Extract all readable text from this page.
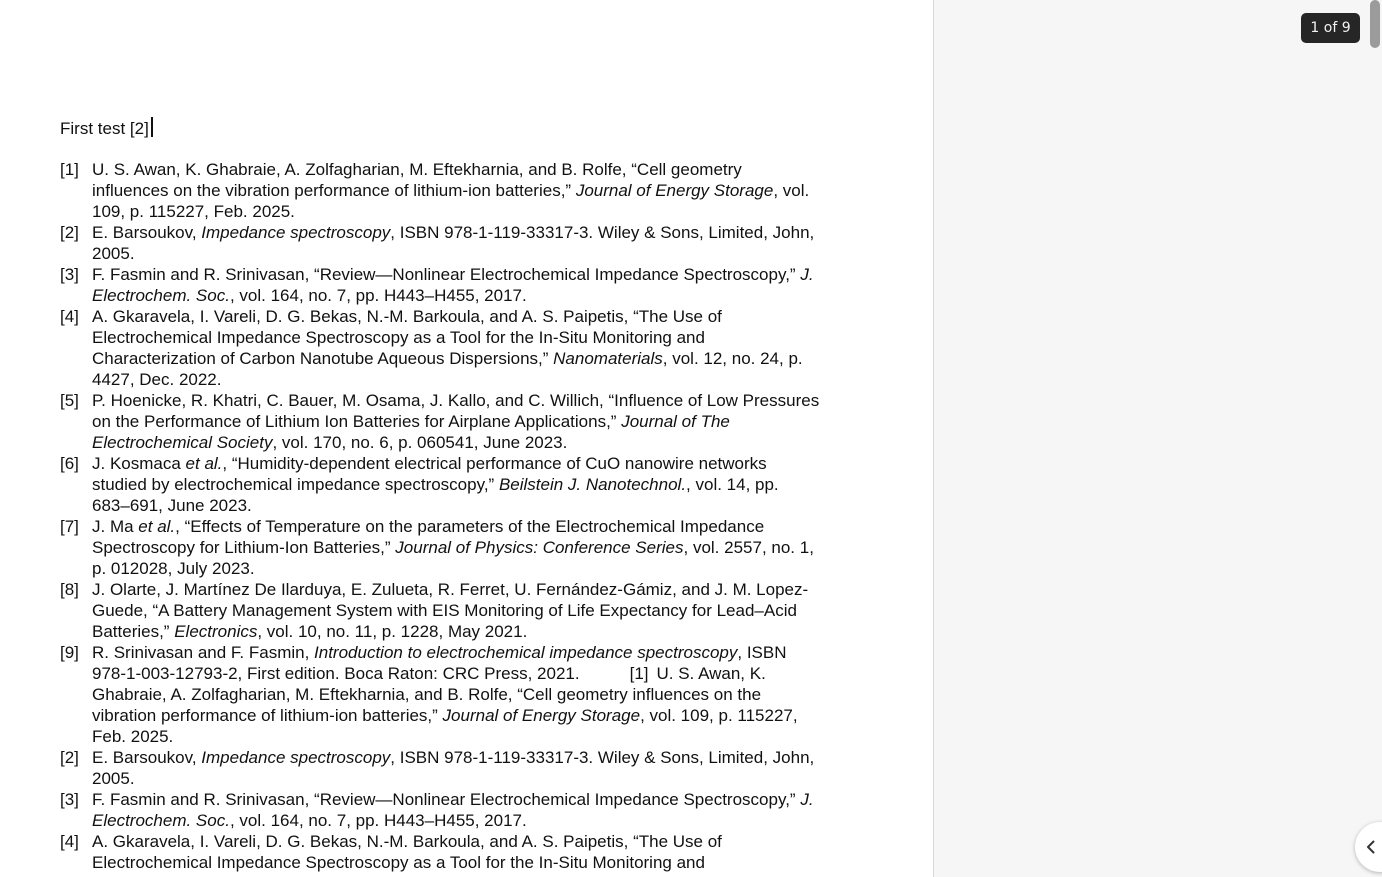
First test [2]
[1] U. S. Awan, K. Ghabraie, A. Zolfagharian, M. Eftekharnia, and B. Rolfe, “Cell geometry influences on the vibration performance of lithium-ion batteries,” Journal of Energy Storage, vol. 109, p. 115227, Feb. 2025.
[2] E. Barsoukov, Impedance spectroscopy, ISBN 978-1-119-33317-3. Wiley & Sons, Limited, John, 2005.
[3] F. Fasmin and R. Srinivasan, “Review—Nonlinear Electrochemical Impedance Spectroscopy,” J. Electrochem. Soc., vol. 164, no. 7, pp. H443–H455, 2017.
[4] A. Gkaravela, I. Vareli, D. G. Bekas, N.-M. Barkoula, and A. S. Paipetis, “The Use of Electrochemical Impedance Spectroscopy as a Tool for the In-Situ Monitoring and Characterization of Carbon Nanotube Aqueous Dispersions,” Nanomaterials, vol. 12, no. 24, p. 4427, Dec. 2022.
[5] P. Hoenicke, R. Khatri, C. Bauer, M. Osama, J. Kallo, and C. Willich, “Influence of Low Pressures on the Performance of Lithium Ion Batteries for Airplane Applications,” Journal of The Electrochemical Society, vol. 170, no. 6, p. 060541, June 2023.
[6] J. Kosmaca et al., “Humidity-dependent electrical performance of CuO nanowire networks studied by electrochemical impedance spectroscopy,” Beilstein J. Nanotechnol., vol. 14, pp. 683–691, June 2023.
[7] J. Ma et al., “Effects of Temperature on the parameters of the Electrochemical Impedance Spectroscopy for Lithium-Ion Batteries,” Journal of Physics: Conference Series, vol. 2557, no. 1, p. 012028, July 2023.
[8] J. Olarte, J. Martínez De Ilarduya, E. Zulueta, R. Ferret, U. Fernández-Gámiz, and J. M. Lopez-Guede, “A Battery Management System with EIS Monitoring of Life Expectancy for Lead–Acid Batteries,” Electronics, vol. 10, no. 11, p. 1228, May 2021.
[9] R. Srinivasan and F. Fasmin, Introduction to electrochemical impedance spectroscopy, ISBN 978-1-003-12793-2, First edition. Boca Raton: CRC Press, 2021.	[1] U. S. Awan, K. Ghabraie, A. Zolfagharian, M. Eftekharnia, and B. Rolfe, “Cell geometry influences on the vibration performance of lithium-ion batteries,” Journal of Energy Storage, vol. 109, p. 115227, Feb. 2025.
[2] E. Barsoukov, Impedance spectroscopy, ISBN 978-1-119-33317-3. Wiley & Sons, Limited, John, 2005.
[3] F. Fasmin and R. Srinivasan, “Review—Nonlinear Electrochemical Impedance Spectroscopy,” J. Electrochem. Soc., vol. 164, no. 7, pp. H443–H455, 2017.
[4] A. Gkaravela, I. Vareli, D. G. Bekas, N.-M. Barkoula, and A. S. Paipetis, “The Use of Electrochemical Impedance Spectroscopy as a Tool for the In-Situ Monitoring and
1 of 9
